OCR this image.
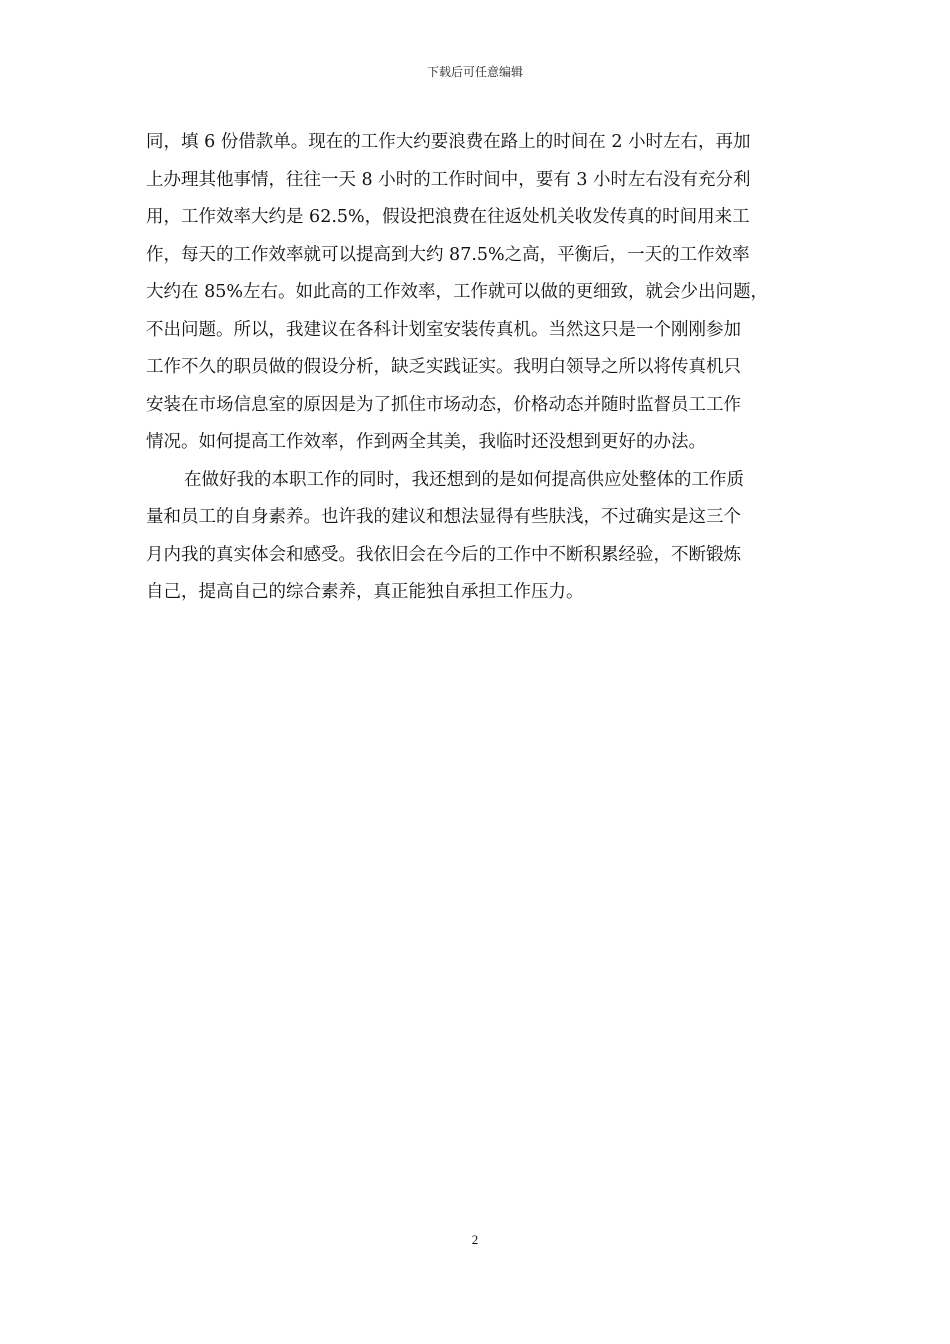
下载后可任意编辑
同，填 6 份借款单。现在的工作大约要浪费在路上的时间在 2 小时左右，再加
上办理其他事情，往往一天 8 小时的工作时间中，要有 3 小时左右没有充分利
用，工作效率大约是 62.5%，假设把浪费在往返处机关收发传真的时间用来工
作，每天的工作效率就可以提高到大约 87.5%之高，平衡后，一天的工作效率
大约在 85%左右。如此高的工作效率，工作就可以做的更细致，就会少出问题，
不出问题。所以，我建议在各科计划室安装传真机。当然这只是一个刚刚参加
工作不久的职员做的假设分析，缺乏实践证实。我明白领导之所以将传真机只
安装在市场信息室的原因是为了抓住市场动态，价格动态并随时监督员工工作
情况。如何提高工作效率，作到两全其美，我临时还没想到更好的办法。
在做好我的本职工作的同时，我还想到的是如何提高供应处整体的工作质
量和员工的自身素养。也许我的建议和想法显得有些肤浅，不过确实是这三个
月内我的真实体会和感受。我依旧会在今后的工作中不断积累经验，不断锻炼
自己，提高自己的综合素养，真正能独自承担工作压力。
2
